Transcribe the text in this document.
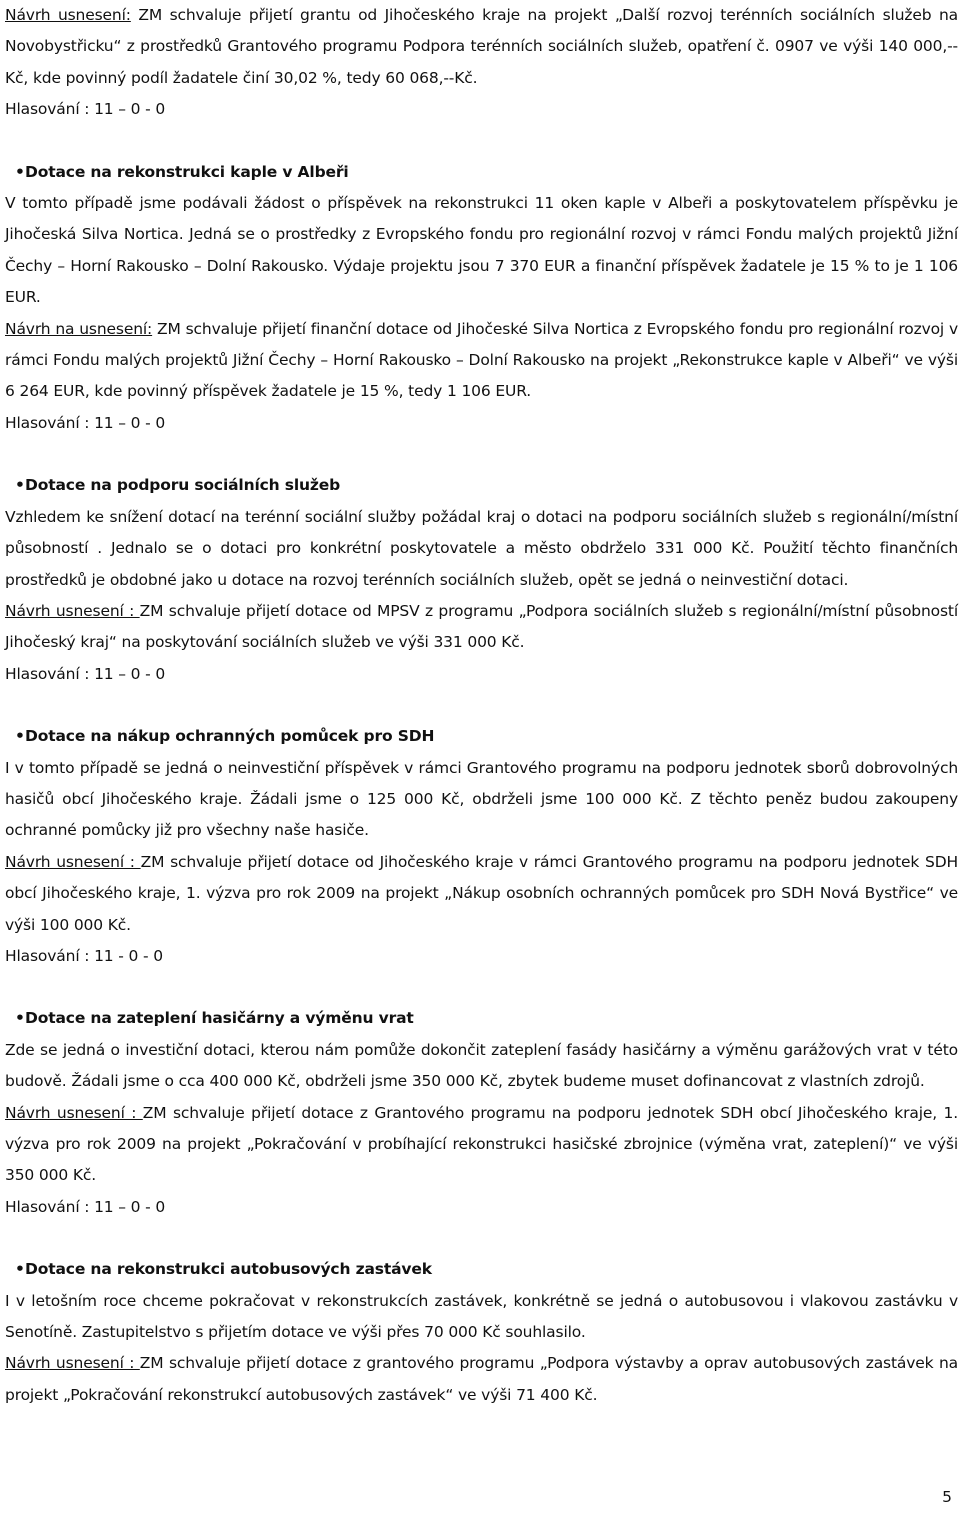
Návrh usnesení: ZM schvaluje přijetí grantu od Jihočeského kraje na projekt „Další rozvoj terénních sociálních služeb na Novobystřicku“ z prostředků Grantového programu Podpora terénních sociálních služeb, opatření č. 0907 ve výši 140 000,--Kč, kde povinný podíl žadatele činí 30,02 %, tedy 60 068,--Kč.

Hlasování : 11 – 0 - 0

• Dotace na rekonstrukci kaple v Albeři

V tomto případě jsme podávali žádost o příspěvek na rekonstrukci 11 oken kaple v Albeři a poskytovatelem příspěvku je Jihočeská Silva Nortica. Jedná se o prostředky z Evropského fondu pro regionální rozvoj v rámci Fondu malých projektů Jižní Čechy – Horní Rakousko – Dolní Rakousko. Výdaje projektu jsou 7 370 EUR a finanční příspěvek žadatele je 15 % to je 1 106 EUR.

Návrh na usnesení: ZM schvaluje přijetí finanční dotace od Jihočeské Silva Nortica z Evropského fondu pro regionální rozvoj v rámci Fondu malých projektů Jižní Čechy – Horní Rakousko – Dolní Rakousko na projekt „Rekonstrukce kaple v Albeři“ ve výši 6 264 EUR, kde povinný příspěvek žadatele je 15 %, tedy 1 106 EUR.

Hlasování : 11 – 0 - 0

• Dotace na podporu sociálních služeb

Vzhledem ke snížení dotací na terénní sociální služby požádal kraj o dotaci na podporu sociálních služeb s regionální/místní působností . Jednalo se o dotaci pro konkrétní poskytovatele a město obdrželo 331 000 Kč. Použití těchto finančních prostředků je obdobné jako u dotace na rozvoj terénních sociálních služeb, opět se jedná o neinvestiční dotaci.

Návrh usnesení : ZM schvaluje přijetí dotace od MPSV z programu „Podpora sociálních služeb s regionální/místní působností Jihočeský kraj“ na poskytování sociálních služeb ve výši 331 000 Kč.

Hlasování : 11 – 0 - 0

• Dotace na nákup ochranných pomůcek pro SDH

I v tomto případě se jedná o neinvestiční příspěvek v rámci Grantového programu na podporu jednotek sborů dobrovolných hasičů obcí Jihočeského kraje. Žádali jsme o 125 000 Kč, obdrželi jsme 100 000 Kč. Z těchto peněz budou zakoupeny ochranné pomůcky již pro všechny naše hasiče.

Návrh usnesení : ZM schvaluje přijetí dotace od Jihočeského kraje v rámci Grantového programu na podporu jednotek SDH obcí Jihočeského kraje, 1. výzva pro rok 2009 na projekt „Nákup osobních ochranných pomůcek pro SDH Nová Bystřice“ ve výši 100 000 Kč.

Hlasování : 11 - 0 - 0

• Dotace na zateplení hasičárny a výměnu vrat

Zde se jedná o investiční dotaci, kterou nám pomůže dokončit zateplení fasády hasičárny a výměnu garážových vrat v této budově. Žádali jsme o cca 400 000 Kč, obdrželi jsme 350 000 Kč, zbytek budeme muset dofinancovat z vlastních zdrojů.

Návrh usnesení : ZM schvaluje přijetí dotace z Grantového programu na podporu jednotek SDH obcí Jihočeského kraje, 1. výzva pro rok 2009 na projekt „Pokračování v probíhající rekonstrukci hasičské zbrojnice (výměna vrat, zateplení)“ ve výši 350 000 Kč.

Hlasování : 11 – 0 - 0

• Dotace na rekonstrukci autobusových zastávek

I v letošním roce chceme pokračovat v rekonstrukcích zastávek, konkrétně se jedná o autobusovou i vlakovou zastávku v Senotíně. Zastupitelstvo s přijetím dotace ve výši přes 70 000 Kč souhlasilo.

Návrh usnesení : ZM schvaluje přijetí dotace z grantového programu „Podpora výstavby a oprav autobusových zastávek na projekt „Pokračování rekonstrukcí autobusových zastávek“ ve výši 71 400 Kč.

5
